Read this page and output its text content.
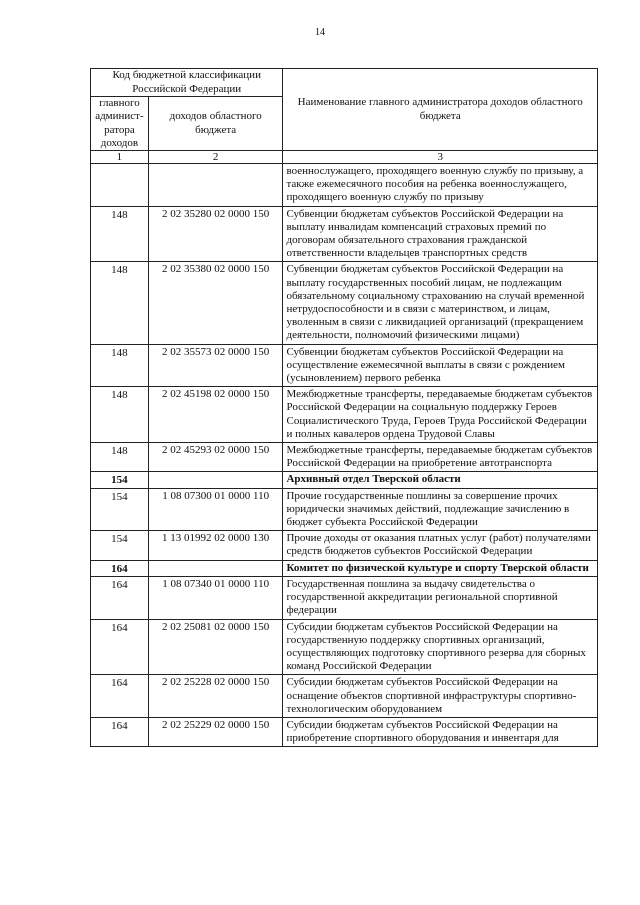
14
Код бюджетной классификации Российской Федерации		Наименование главного администратора доходов областного бюджета
главного админист-ратора доходов	доходов областного бюджета	
1	2	3
		военнослужащего, проходящего военную службу по призыву, а также ежемесячного пособия на ребенка военнослужащего, проходящего военную службу по призыву
148	2 02 35280 02 0000 150	Субвенции бюджетам субъектов Российской Федерации на выплату инвалидам компенсаций страховых премий по договорам обязательного страхования гражданской ответственности владельцев транспортных средств
148	2 02 35380 02 0000 150	Субвенции бюджетам субъектов Российской Федерации на выплату государственных пособий лицам, не подлежащим обязательному социальному страхованию на случай временной нетрудоспособности и в связи с материнством, и лицам, уволенным в связи с ликвидацией организаций (прекращением деятельности, полномочий физическими лицами)
148	2 02 35573 02 0000 150	Субвенции бюджетам субъектов Российской Федерации на осуществление ежемесячной выплаты в связи с рождением (усыновлением) первого ребенка
148	2 02 45198 02 0000 150	Межбюджетные трансферты, передаваемые бюджетам субъектов Российской Федерации на социальную поддержку Героев Социалистического Труда, Героев Труда Российской Федерации и полных кавалеров ордена Трудовой Славы
148	2 02 45293 02 0000 150	Межбюджетные трансферты, передаваемые бюджетам субъектов Российской Федерации на приобретение автотранспорта
154		Архивный отдел Тверской области
154	1 08 07300 01 0000 110	Прочие государственные пошлины за совершение прочих юридически значимых действий, подлежащие зачислению в бюджет субъекта Российской Федерации
154	1 13 01992 02 0000 130	Прочие доходы от оказания платных услуг (работ) получателями средств бюджетов субъектов Российской Федерации
164		Комитет по физической культуре и спорту Тверской области
164	1 08 07340 01 0000 110	Государственная пошлина за выдачу свидетельства о государственной аккредитации региональной спортивной федерации
164	2 02 25081 02 0000 150	Субсидии бюджетам субъектов Российской Федерации на государственную поддержку спортивных организаций, осуществляющих подготовку спортивного резерва для сборных команд Российской Федерации
164	2 02 25228 02 0000 150	Субсидии бюджетам субъектов Российской Федерации на оснащение объектов спортивной инфраструктуры спортивно-технологическим оборудованием
164	2 02 25229 02 0000 150	Субсидии бюджетам субъектов Российской Федерации на приобретение спортивного оборудования и инвентаря для
